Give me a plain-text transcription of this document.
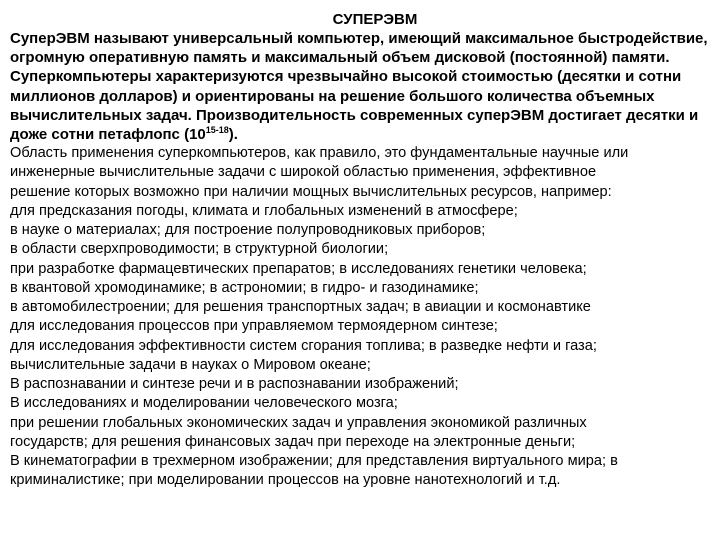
СУПЕРЭВМ

СуперЭВМ называют универсальный компьютер, имеющий максимальное быстродействие, огромную оперативную память и максимальный объем дисковой (постоянной) памяти. Суперкомпьютеры характеризуются чрезвычайно высокой стоимостью (десятки и сотни миллионов долларов) и ориентированы на решение большого количества объемных вычислительных задач. Производительность современных суперЭВМ достигает десятки и доже сотни петафлопс (10$^{15-18}$).

Область применения суперкомпьютеров, как правило, это фундаментальные научные или
инженерные вычислительные задачи с широкой областью применения, эффективное
решение которых возможно при наличии мощных вычислительных ресурсов, например:
для предсказания погоды, климата и глобальных изменений в атмосфере;
в науке о материалах; для построение полупроводниковых приборов;
в области сверхпроводимости; в структурной биологии;
при разработке фармацевтических препаратов; в исследованиях генетики человека;
в квантовой хромодинамике; в астрономии; в гидро- и газодинамике;
в автомобилестроении; для решения транспортных задач; в авиации и космонавтике
для исследования процессов при управляемом термоядерном синтезе;
для исследования эффективности систем сгорания топлива; в разведке нефти и газа;
вычислительные задачи в науках о Мировом океане;
В распознавании и синтезе речи и в распознавании изображений;
В исследованиях и моделировании человеческого мозга;
при решении глобальных экономических задач и управления экономикой различных
государств; для решения финансовых задач при переходе на электронные деньги;
В кинематографии в трехмерном изображении; для представления виртуального мира; в
криминалистике; при моделировании процессов на уровне нанотехнологий и т.д.
